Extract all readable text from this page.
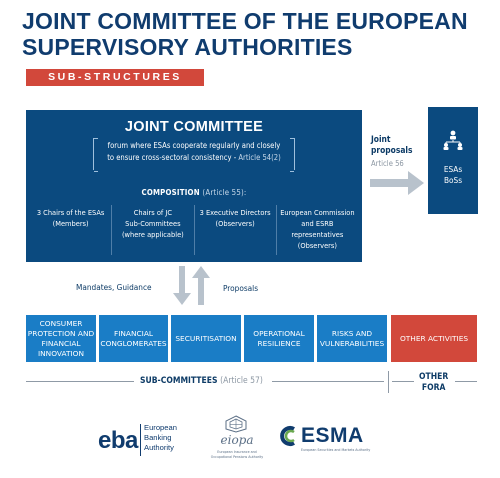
JOINT COMMITTEE OF THE EUROPEAN
SUPERVISORY AUTHORITIES
SUB-STRUCTURES
JOINT COMMITTEE
forum where ESAs cooperate regularly and closely
to ensure cross-sectoral consistency - Article 54(2)
COMPOSITION (Article 55):
3 Chairs of the ESAs
(Members)
Chairs of JC
Sub-Committees
(where applicable)
3 Executive Directors
(Observers)
European Commission
and ESRB representatives
(Observers)
Joint
proposals
Article 56
ESAs
BoSs
Mandates, Guidance	Proposals
CONSUMER
PROTECTION AND
FINANCIAL
INNOVATION
FINANCIAL
CONGLOMERATES
SECURITISATION
OPERATIONAL
RESILIENCE
RISKS AND
VULNERABILITIES
OTHER ACTIVITIES
SUB-COMMITTEES (Article 57)	OTHER
FORA
eba European
Banking
Authority
eiopa
European Insurance and
Occupational Pensions Authority
ESMA
European Securities and Markets Authority
